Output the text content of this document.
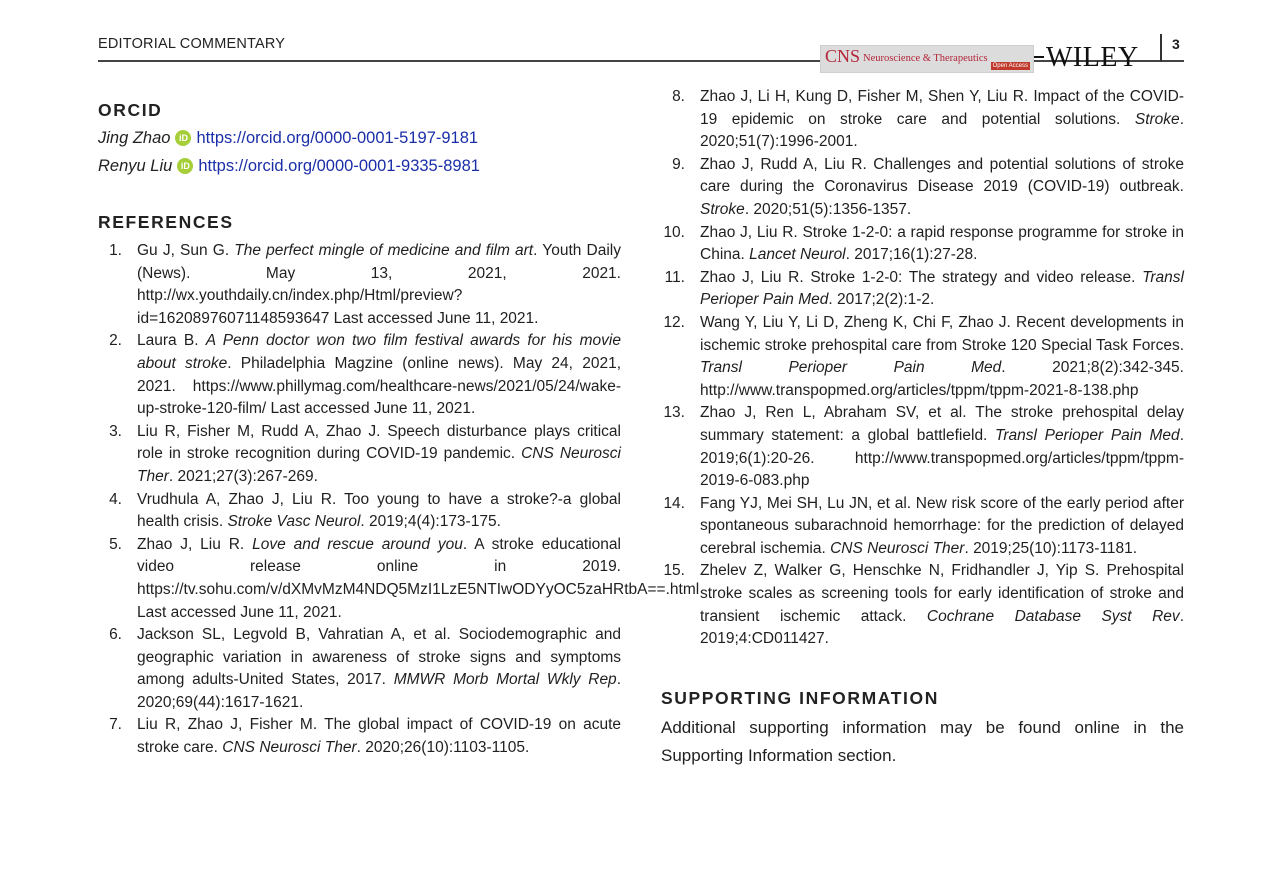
EDITORIAL COMMENTARY
CNS Neuroscience & Therapeutics
Open Access WILEY 3
ORCID
Jing Zhao iD https://orcid.org/0000-0001-5197-9181
Renyu Liu iD https://orcid.org/0000-0001-9335-8981
REFERENCES
1. Gu J, Sun G. The perfect mingle of medicine and film art. Youth Daily (News). May 13, 2021, 2021. http://wx.youthdaily.cn/index.php/Html/preview?id=16208976071148593647 Last accessed June 11, 2021.
2. Laura B. A Penn doctor won two film festival awards for his movie about stroke. Philadelphia Magzine (online news). May 24, 2021, 2021. https://www.phillymag.com/healthcare-news/2021/05/24/wake-up-stroke-120-film/ Last accessed June 11, 2021.
3. Liu R, Fisher M, Rudd A, Zhao J. Speech disturbance plays critical role in stroke recognition during COVID-19 pandemic. CNS Neurosci Ther. 2021;27(3):267-269.
4. Vrudhula A, Zhao J, Liu R. Too young to have a stroke?-a global health crisis. Stroke Vasc Neurol. 2019;4(4):173-175.
5. Zhao J, Liu R. Love and rescue around you. A stroke educational video release online in 2019. https://tv.sohu.com/v/dXMvMzM4NDQ5MzI1LzE5NTIwODYyOC5zaHRtbA==.html Last accessed June 11, 2021.
6. Jackson SL, Legvold B, Vahratian A, et al. Sociodemographic and geographic variation in awareness of stroke signs and symptoms among adults-United States, 2017. MMWR Morb Mortal Wkly Rep. 2020;69(44):1617-1621.
7. Liu R, Zhao J, Fisher M. The global impact of COVID-19 on acute stroke care. CNS Neurosci Ther. 2020;26(10):1103-1105.
8. Zhao J, Li H, Kung D, Fisher M, Shen Y, Liu R. Impact of the COVID-19 epidemic on stroke care and potential solutions. Stroke. 2020;51(7):1996-2001.
9. Zhao J, Rudd A, Liu R. Challenges and potential solutions of stroke care during the Coronavirus Disease 2019 (COVID-19) outbreak. Stroke. 2020;51(5):1356-1357.
10. Zhao J, Liu R. Stroke 1-2-0: a rapid response programme for stroke in China. Lancet Neurol. 2017;16(1):27-28.
11. Zhao J, Liu R. Stroke 1-2-0: The strategy and video release. Transl Perioper Pain Med. 2017;2(2):1-2.
12. Wang Y, Liu Y, Li D, Zheng K, Chi F, Zhao J. Recent developments in ischemic stroke prehospital care from Stroke 120 Special Task Forces. Transl Perioper Pain Med. 2021;8(2):342-345. http://www.transpopmed.org/articles/tppm/tppm-2021-8-138.php
13. Zhao J, Ren L, Abraham SV, et al. The stroke prehospital delay summary statement: a global battlefield. Transl Perioper Pain Med. 2019;6(1):20-26. http://www.transpopmed.org/articles/tppm/tppm-2019-6-083.php
14. Fang YJ, Mei SH, Lu JN, et al. New risk score of the early period after spontaneous subarachnoid hemorrhage: for the prediction of delayed cerebral ischemia. CNS Neurosci Ther. 2019;25(10):1173-1181.
15. Zhelev Z, Walker G, Henschke N, Fridhandler J, Yip S. Prehospital stroke scales as screening tools for early identification of stroke and transient ischemic attack. Cochrane Database Syst Rev. 2019;4:CD011427.
SUPPORTING INFORMATION
Additional supporting information may be found online in the Supporting Information section.
